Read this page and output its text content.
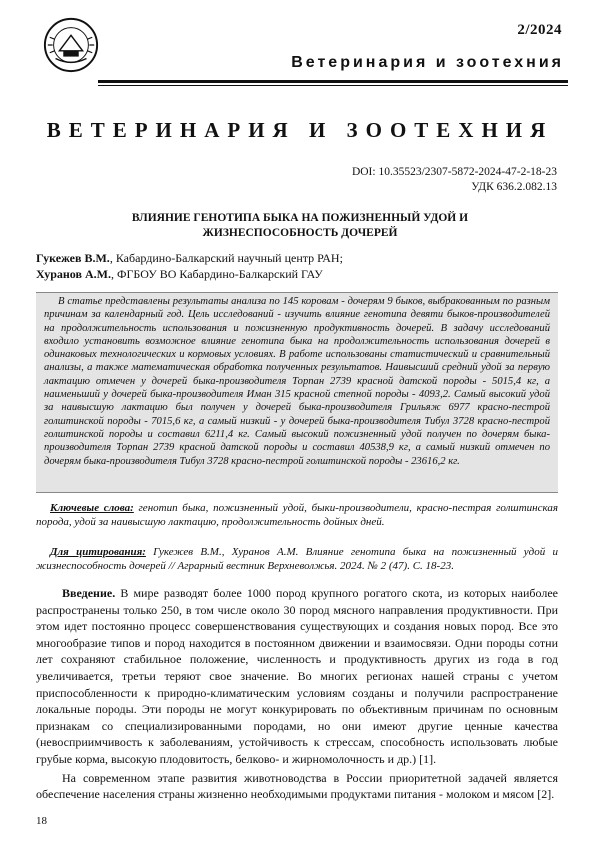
2/2024
Ветеринария и зоотехния
ВЕТЕРИНАРИЯ И ЗООТЕХНИЯ
DOI: 10.35523/2307-5872-2024-47-2-18-23
УДК 636.2.082.13
ВЛИЯНИЕ ГЕНОТИПА БЫКА НА ПОЖИЗНЕННЫЙ УДОЙ И
ЖИЗНЕСПОСОБНОСТЬ ДОЧЕРЕЙ
Гукежев В.М., Кабардино-Балкарский научный центр РАН;
Хуранов А.М., ФГБОУ ВО Кабардино-Балкарский ГАУ
В статье представлены результаты анализа по 145 коровам - дочерям 9 быков, выбракованным по разным причинам за календарный год. Цель исследований - изучить влияние генотипа девяти быков-производителей на продолжительность использования и пожизненную продуктивность дочерей. В задачу исследований входило установить возможное влияние генотипа быка на продолжительность использования дочерей в одинаковых технологических и кормовых условиях. В работе использованы статистический и сравнительный анализы, а также математическая обработка полученных результатов. Наивысший средний удой за первую лактацию отмечен у дочерей быка-производителя Торпан 2739 красной датской породы - 5015,4 кг, а наименьший у дочерей быка-производителя Иман 315 красной степной породы - 4093,2. Самый высокий удой за наивысшую лактацию был получен у дочерей быка-производителя Грильяж 6977 красно-пестрой голштинской породы - 7015,6 кг, а самый низкий - у дочерей быка-производителя Тибул 3728 красно-пестрой голштинской породы и составил 6211,4 кг. Самый высокий пожизненный удой получен по дочерям быка-производителя Торпан 2739 красной датской породы и составил 40538,9 кг, а самый низкий отмечен по дочерям быка-производителя Тибул 3728 красно-пестрой голштинской породы - 23616,2 кг.
Ключевые слова: генотип быка, пожизненный удой, быки-производители, красно-пестрая голштинская порода, удой за наивысшую лактацию, продолжительность дойных дней.
Для цитирования: Гукежев В.М., Хуранов А.М. Влияние генотипа быка на пожизненный удой и жизнеспособность дочерей // Аграрный вестник Верхневолжья. 2024. № 2 (47). С. 18-23.

Введение. В мире разводят более 1000 пород крупного рогатого скота, из которых наиболее распространены только 250, в том числе около 30 пород мясного направления продуктивности. При этом идет постоянно процесс совершенствования существующих и создания новых пород. Все это многообразие типов и пород находится в постоянном движении и взаимосвязи. Одни породы сотни лет сохраняют стабильное положение, численность и продуктивность других из года в год увеличивается, третьи теряют свое значение. Во многих регионах нашей страны с учетом приспособленности к природно-климатическим условиям созданы и получили распространение локальные породы. Эти породы не могут конкурировать по объективным причинам по основным признакам со специализированными породами, но они имеют другие ценные качества (невосприимчивость к заболеваниям, устойчивость к стрессам, способность использовать любые грубые корма, высокую плодовитость, белково- и жирномолочность и др.) [1].

На современном этапе развития животноводства в России приоритетной задачей является обеспечение населения страны жизненно необходимыми продуктами питания - молоком и мясом [2].

18
